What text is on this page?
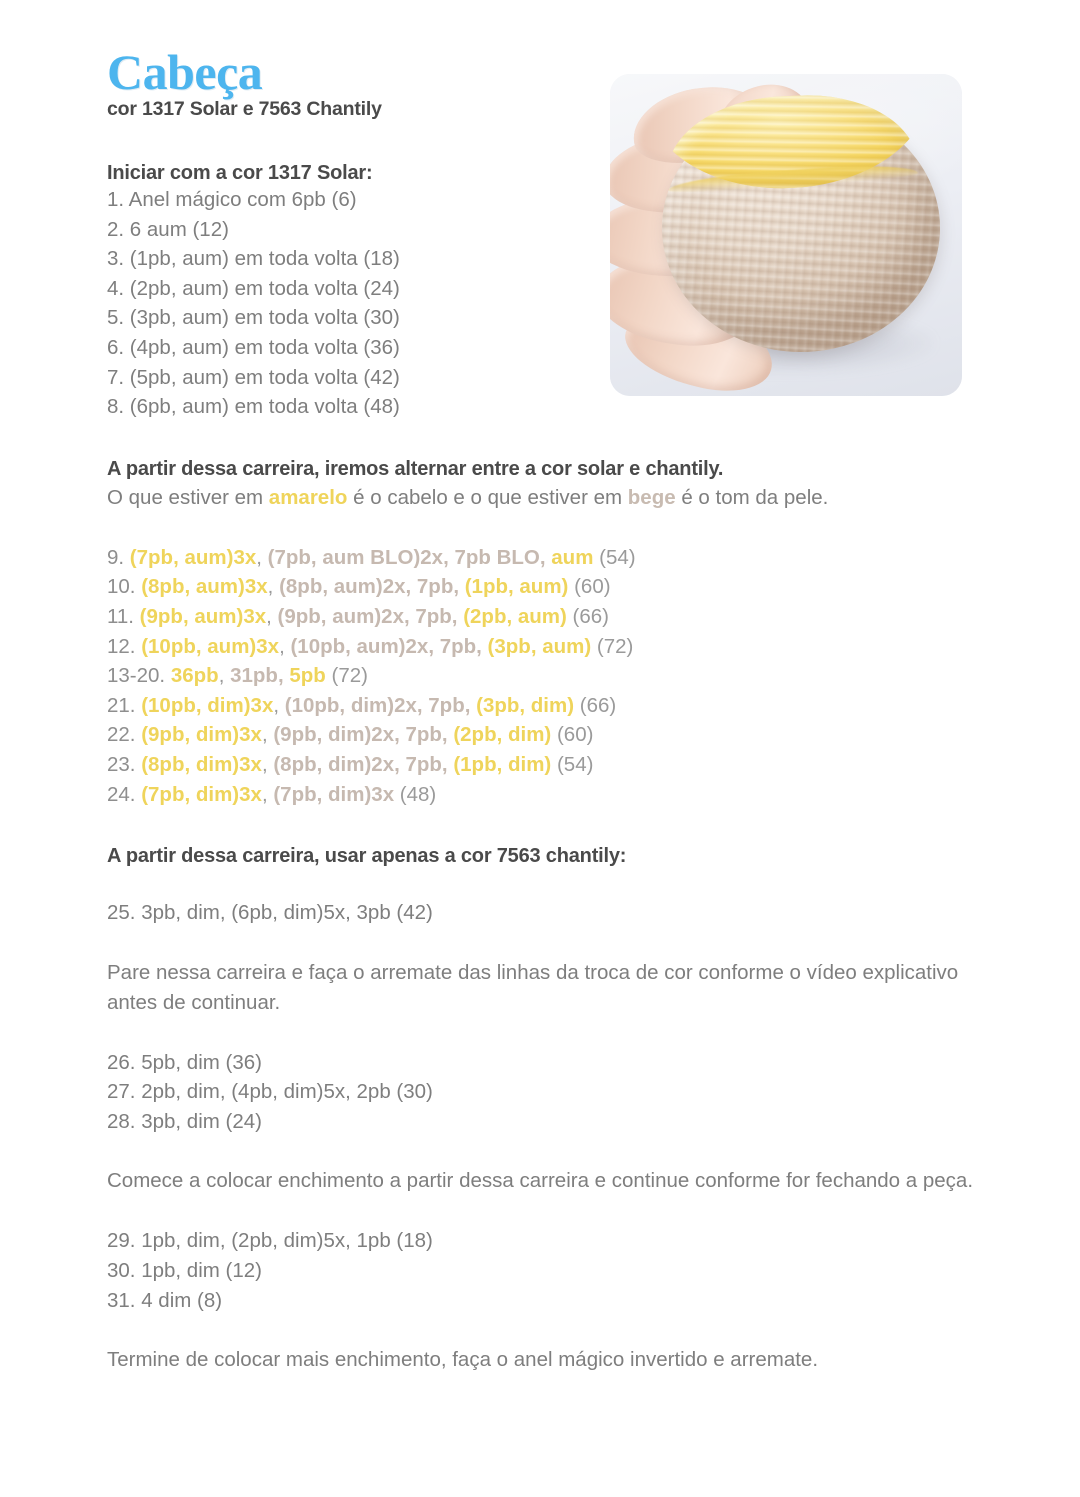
Cabeça
cor 1317 Solar e 7563 Chantily
Iniciar com a cor 1317 Solar:
1. Anel mágico com 6pb (6)
2. 6 aum (12)
3. (1pb, aum) em toda volta (18)
4. (2pb, aum) em toda volta (24)
5. (3pb, aum) em toda volta (30)
6. (4pb, aum) em toda volta (36)
7. (5pb, aum) em toda volta (42)
8. (6pb, aum) em toda volta (48)
A partir dessa carreira, iremos alternar entre a cor solar e chantily.
O que estiver em amarelo é o cabelo e o que estiver em bege é o tom da pele.
9. (7pb, aum)3x, (7pb, aum BLO)2x, 7pb BLO, aum (54)
10. (8pb, aum)3x, (8pb, aum)2x, 7pb, (1pb, aum) (60)
11. (9pb, aum)3x, (9pb, aum)2x, 7pb, (2pb, aum) (66)
12. (10pb, aum)3x, (10pb, aum)2x, 7pb, (3pb, aum) (72)
13-20. 36pb, 31pb, 5pb (72)
21. (10pb, dim)3x, (10pb, dim)2x, 7pb, (3pb, dim) (66)
22. (9pb, dim)3x, (9pb, dim)2x, 7pb, (2pb, dim) (60)
23. (8pb, dim)3x, (8pb, dim)2x, 7pb, (1pb, dim) (54)
24. (7pb, dim)3x, (7pb, dim)3x (48)
A partir dessa carreira, usar apenas a cor 7563 chantily:
25. 3pb, dim, (6pb, dim)5x, 3pb (42)
Pare nessa carreira e faça o arremate das linhas da troca de cor conforme o vídeo explicativo antes de continuar.
26. 5pb, dim (36)
27. 2pb, dim, (4pb, dim)5x, 2pb (30)
28. 3pb, dim (24)
Comece a colocar enchimento a partir dessa carreira e continue conforme for fechando a peça.
29. 1pb, dim, (2pb, dim)5x, 1pb (18)
30. 1pb, dim (12)
31. 4 dim (8)
Termine de colocar mais enchimento, faça o anel mágico invertido e arremate.
